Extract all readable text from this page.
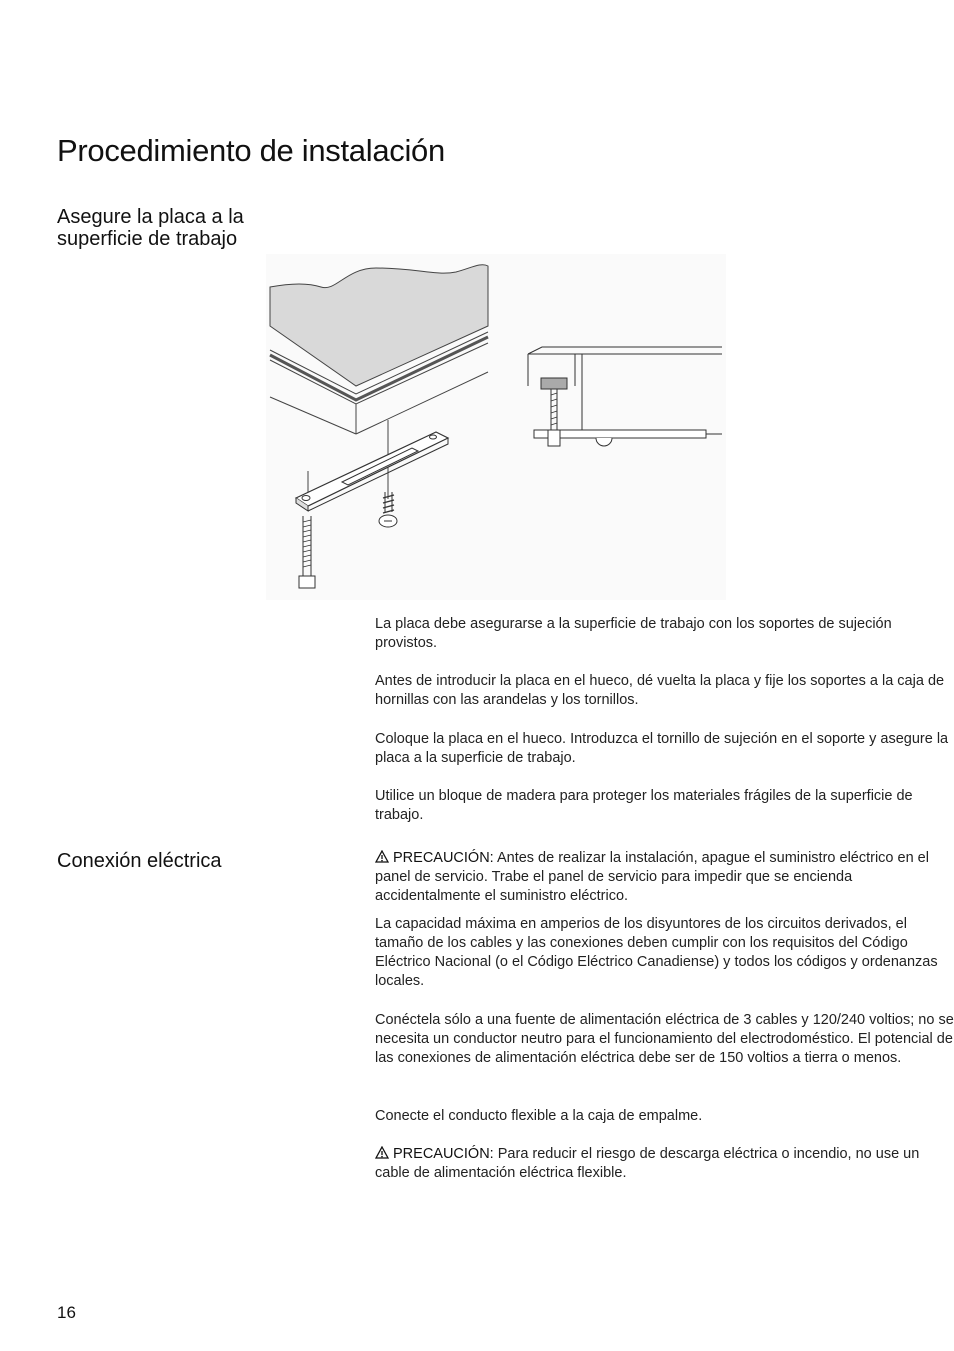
Procedimiento de instalación
Asegure la placa a la
superficie de trabajo

La placa debe asegurarse a la superficie de trabajo con los soportes de sujeción provistos.

Antes de introducir la placa en el hueco, dé vuelta la placa y fije los soportes a la caja de hornillas con las arandelas y los tornillos.

Coloque la placa en el hueco. Introduzca el tornillo de sujeción en el soporte y asegure la placa a la superficie de trabajo.

Utilice un bloque de madera para proteger los materiales frágiles de la superficie de trabajo.

Conexión eléctrica	PRECAUCIÓN: Antes de realizar la instalación, apague el suministro eléctrico en el panel de servicio. Trabe el panel de servicio para impedir que se encienda accidentalmente el suministro eléctrico.

La capacidad máxima en amperios de los disyuntores de los circuitos derivados, el tamaño de los cables y las conexiones deben cumplir con los requisitos del Código Eléctrico Nacional (o el Código Eléctrico Canadiense) y todos los códigos y ordenanzas locales.

Conéctela sólo a una fuente de alimentación eléctrica de 3 cables y 120/240 voltios; no se necesita un conductor neutro para el funcionamiento del electrodoméstico. El potencial de las conexiones de alimentación eléctrica debe ser de 150 voltios a tierra o menos.

Conecte el conducto flexible a la caja de empalme.

PRECAUCIÓN: Para reducir el riesgo de descarga eléctrica o incendio, no use un cable de alimentación eléctrica flexible.

16
